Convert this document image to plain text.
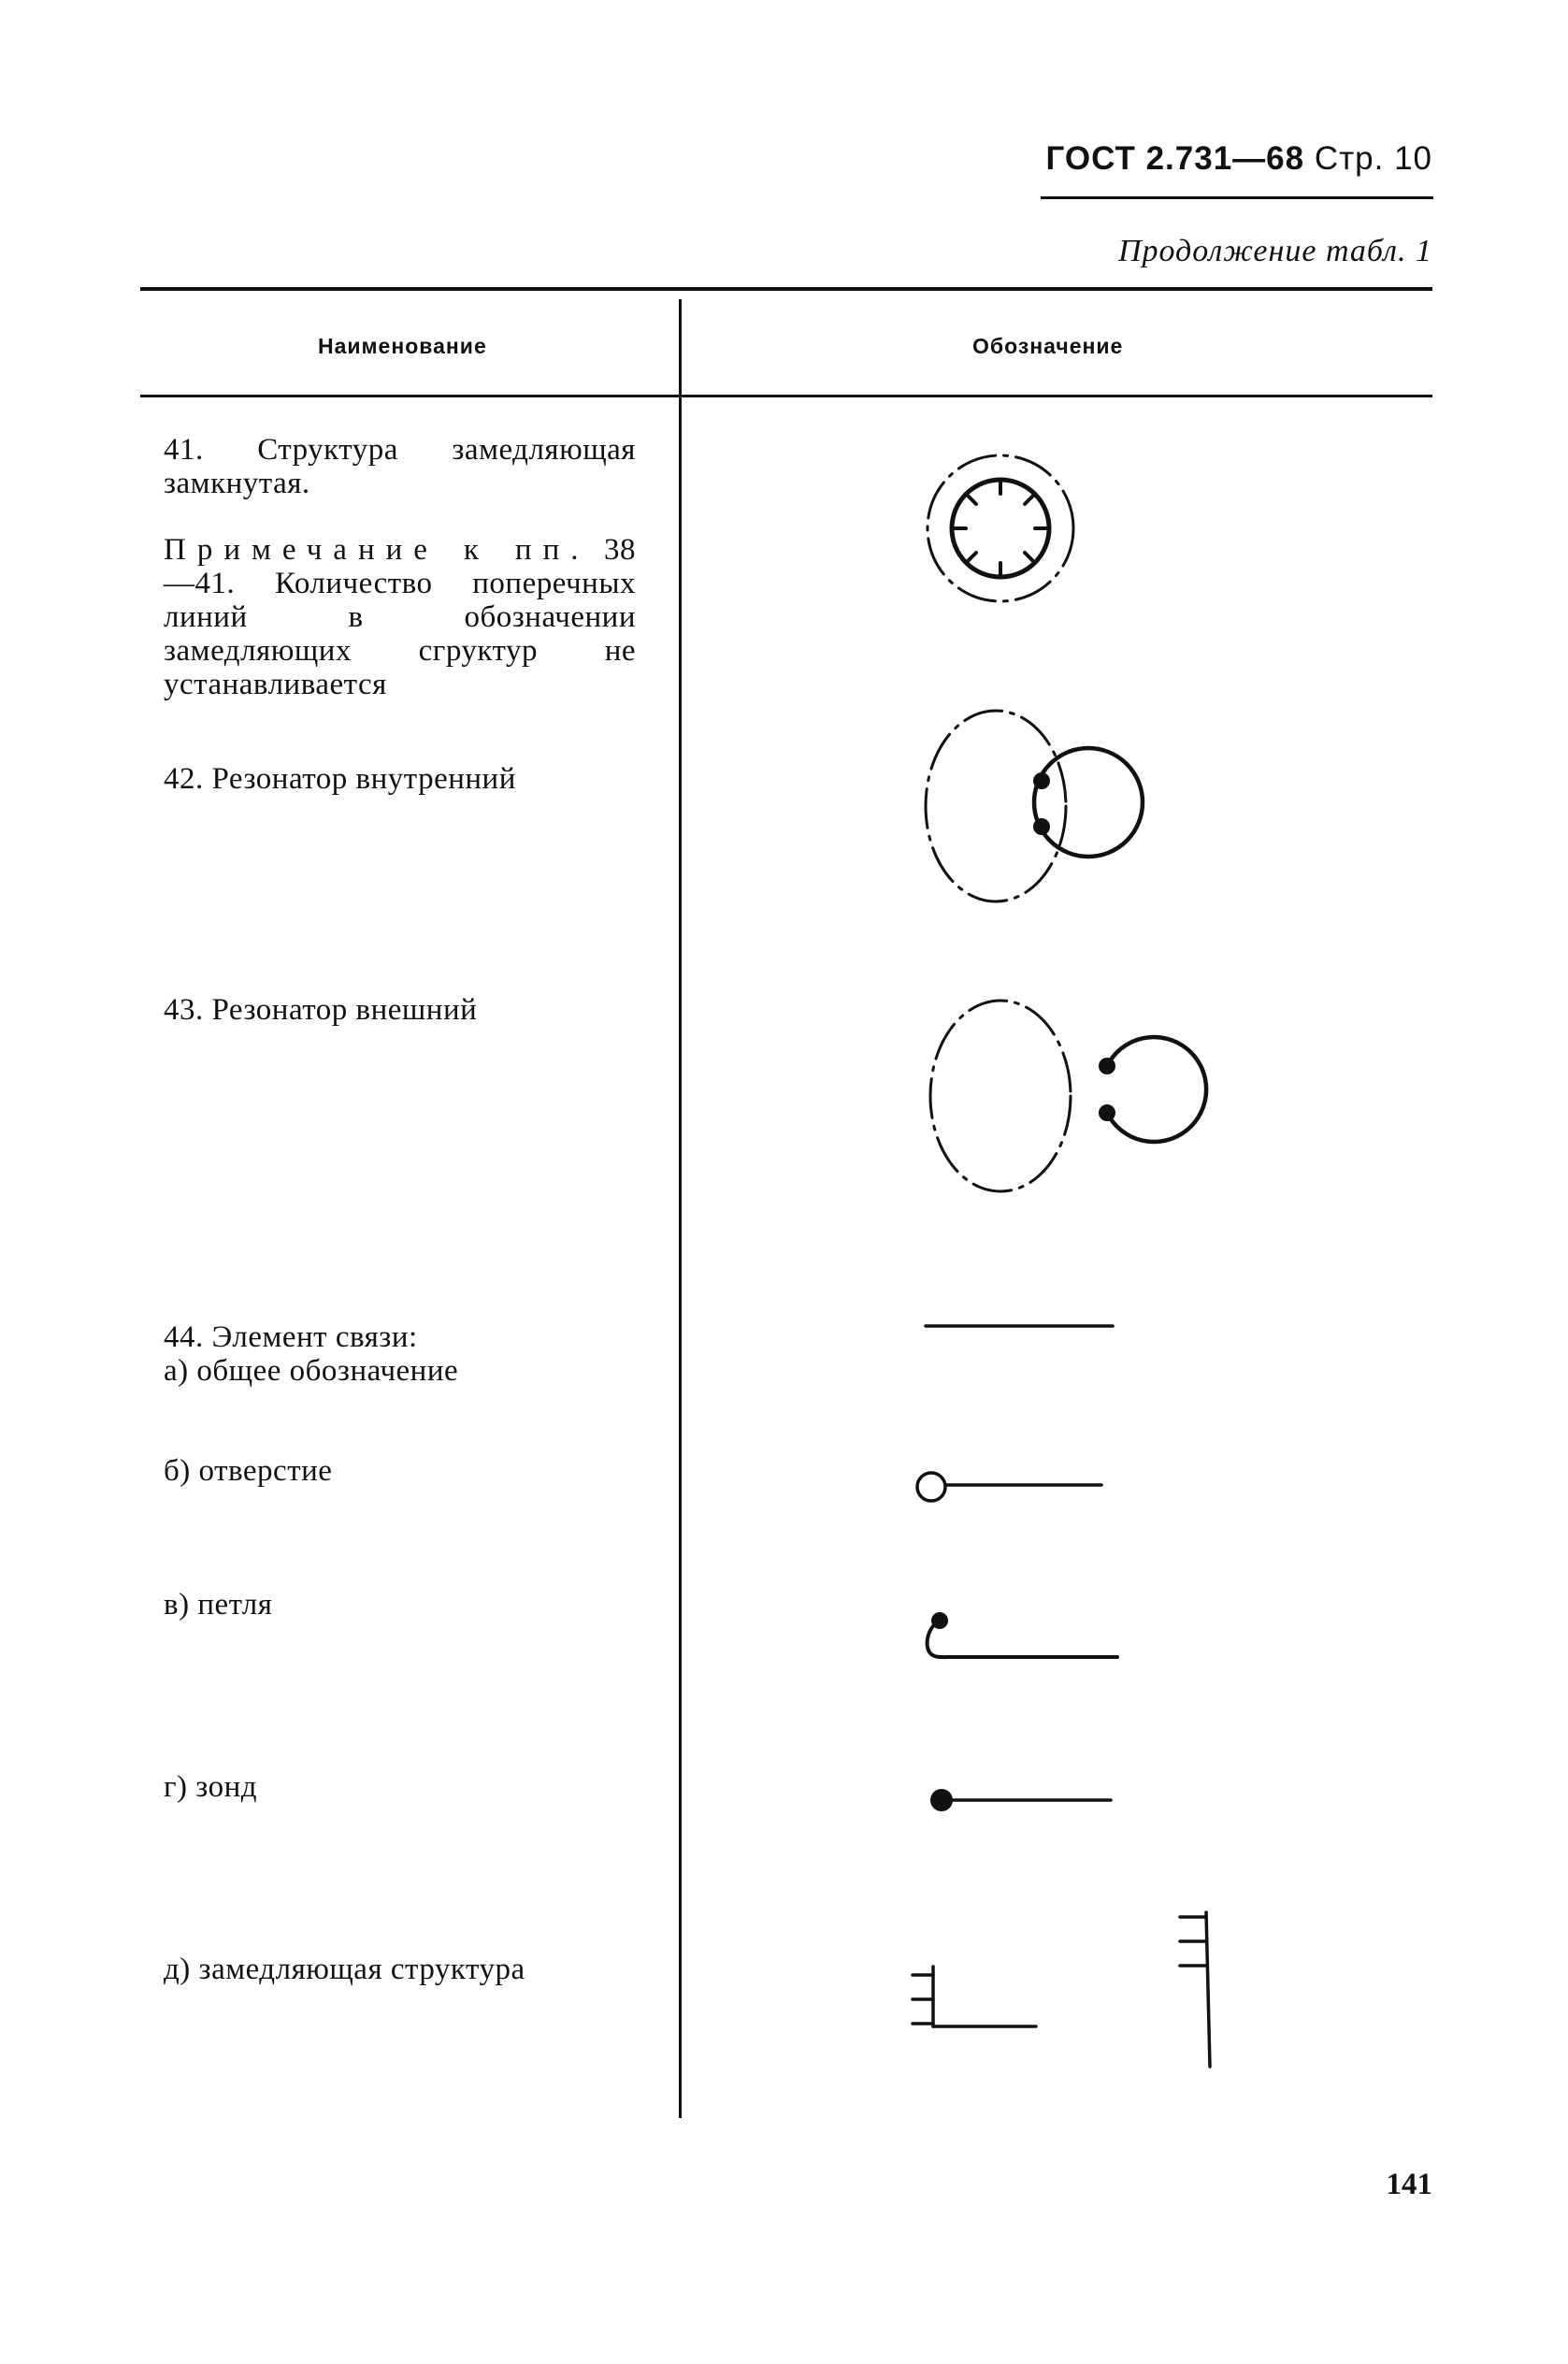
ГОСТ 2.731—68 Стр. 10
Продолжение табл. 1
Наименование	Обозначение
41. Структура замедляющая замкнутая.
Примечание к пп. 38—41. Количество поперечных линий в обозначении замедляющих сгруктур не устанавливается
42. Резонатор внутренний
43. Резонатор внешний
44. Элемент связи:
а) общее обозначение
б) отверстие
в) петля
г) зонд
д) замедляющая структура
141
